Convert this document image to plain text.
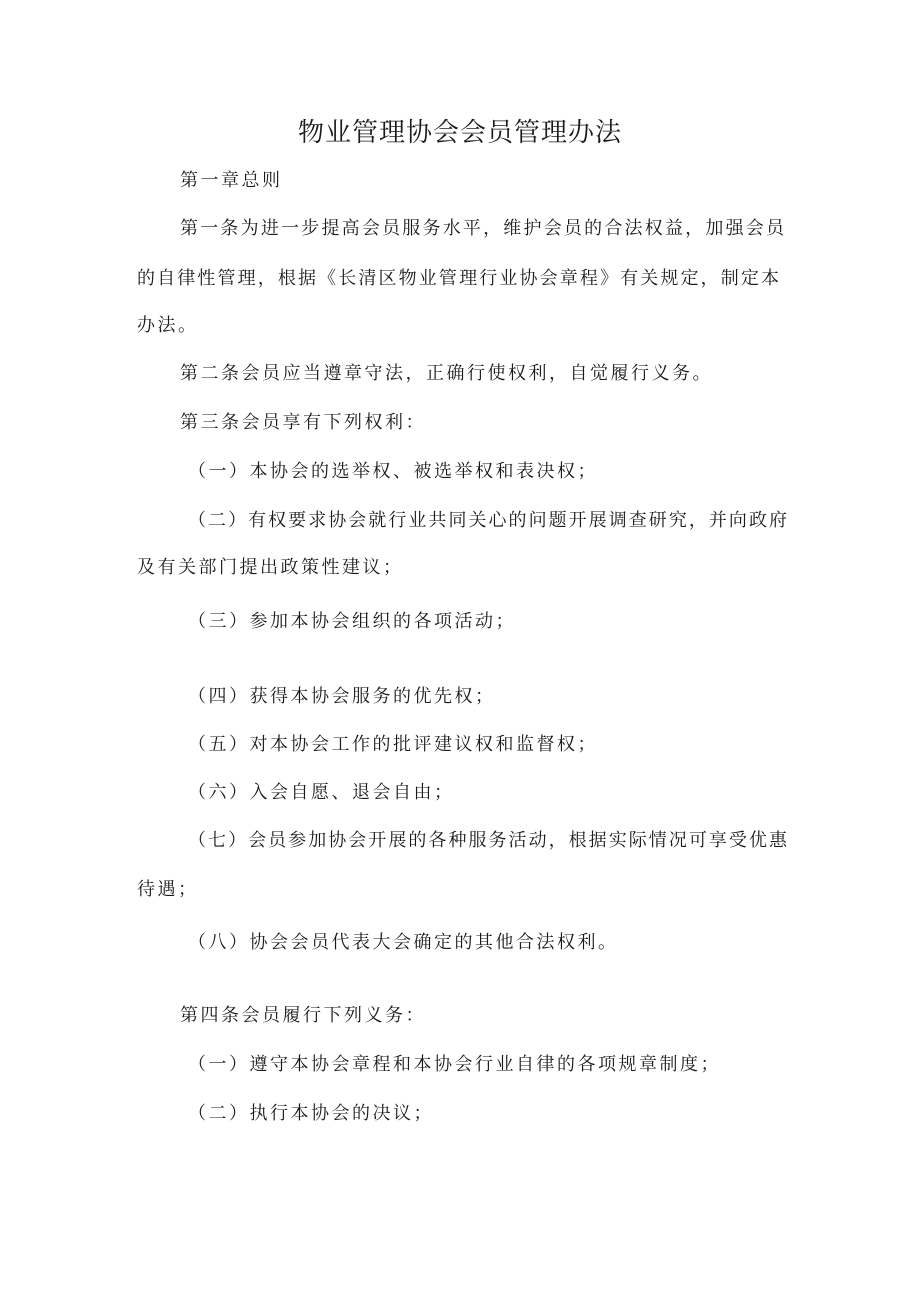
物业管理协会会员管理办法
第一章总则
第一条为进一步提高会员服务水平，维护会员的合法权益，加强会员
的自律性管理，根据《长清区物业管理行业协会章程》有关规定，制定本
办法。
第二条会员应当遵章守法，正确行使权利，自觉履行义务。
第三条会员享有下列权利：
（一）本协会的选举权、被选举权和表决权；
（二）有权要求协会就行业共同关心的问题开展调查研究，并向政府
及有关部门提出政策性建议；
（三）参加本协会组织的各项活动；
（四）获得本协会服务的优先权；
（五）对本协会工作的批评建议权和监督权；
（六）入会自愿、退会自由；
（七）会员参加协会开展的各种服务活动，根据实际情况可享受优惠
待遇；
（八）协会会员代表大会确定的其他合法权利。
第四条会员履行下列义务：
（一）遵守本协会章程和本协会行业自律的各项规章制度；
（二）执行本协会的决议；
